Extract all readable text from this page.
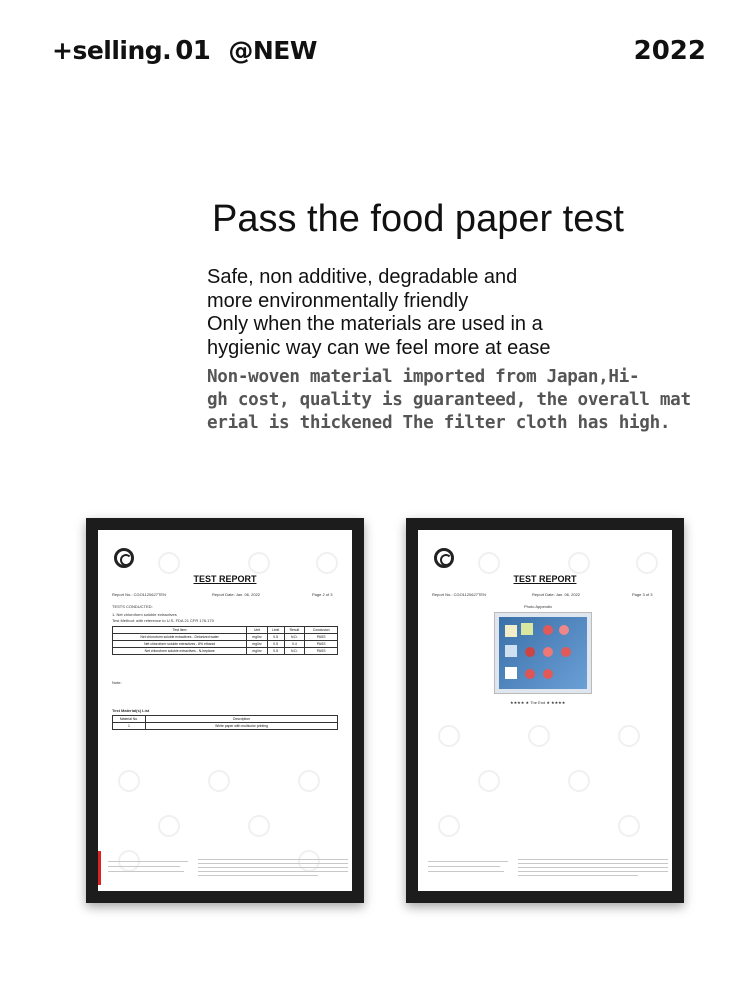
+selling. 01 @NEW	2022
Pass the food paper test
Safe, non additive, degradable and
more environmentally friendly
Only when the materials are used in a
hygienic way can we feel more at ease
Non-woven material imported from Japan,Hi-
gh cost, quality is guaranteed, the overall mat
erial is thickened The filter cloth has high.
TEST REPORT
Report No.: CGO1120627TEN	Report Date: Jan. 06, 2022	Page 2 of 3
TESTS CONDUCTED:
1. Net chloroform soluble extractives
Test Method: with reference to U.S. FDA 21 CFR 176.170
Test Item	Unit	Limit	Result	Conclusion
Net chloroform soluble extractives - Deionized water	mg/in²	0.5	N.D.	PASS
Net chloroform soluble extractives - 8% ethanol	mg/in²	0.5	0.4	PASS
Net chloroform soluble extractives - N-heptane	mg/in²	0.5	N.D.	PASS
Note:
Test Material(s) List
Material No.	Description
1	White paper with multicolor printing
TEST REPORT
Report No.: CGO1120627TEN	Report Date: Jan. 06, 2022	Page 3 of 3
Photo Appendix
★★★★ ★ The End ★ ★★★★
